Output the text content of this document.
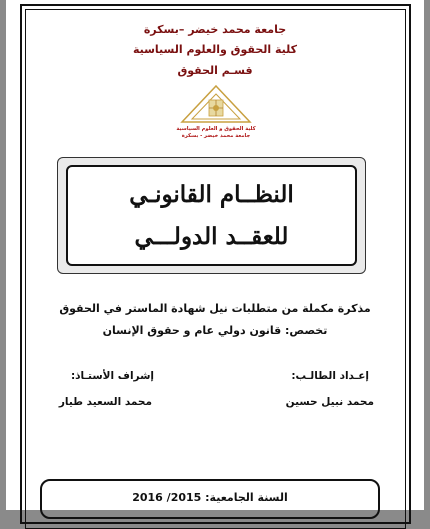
جامعة محمد خيضر –بسكرة
كلية الحقوق والعلوم السياسية
قسـم الحقوق
كلية الحقوق و العلوم السياسية
جامعة محمد خيضر - بسكرة
النظــام القانونـي
للعقــد الدولـــي
مذكرة مكملة من متطلبات نيل شهادة الماستر في الحقوق
تخصص: قانون دولي عام و حقوق الإنسان
إعـداد الطالـب:
إشراف الأستـاذ:
محمد نبيل حسين
محمد السعيد طيار
السنة الجامعية: 2015/ 2016
